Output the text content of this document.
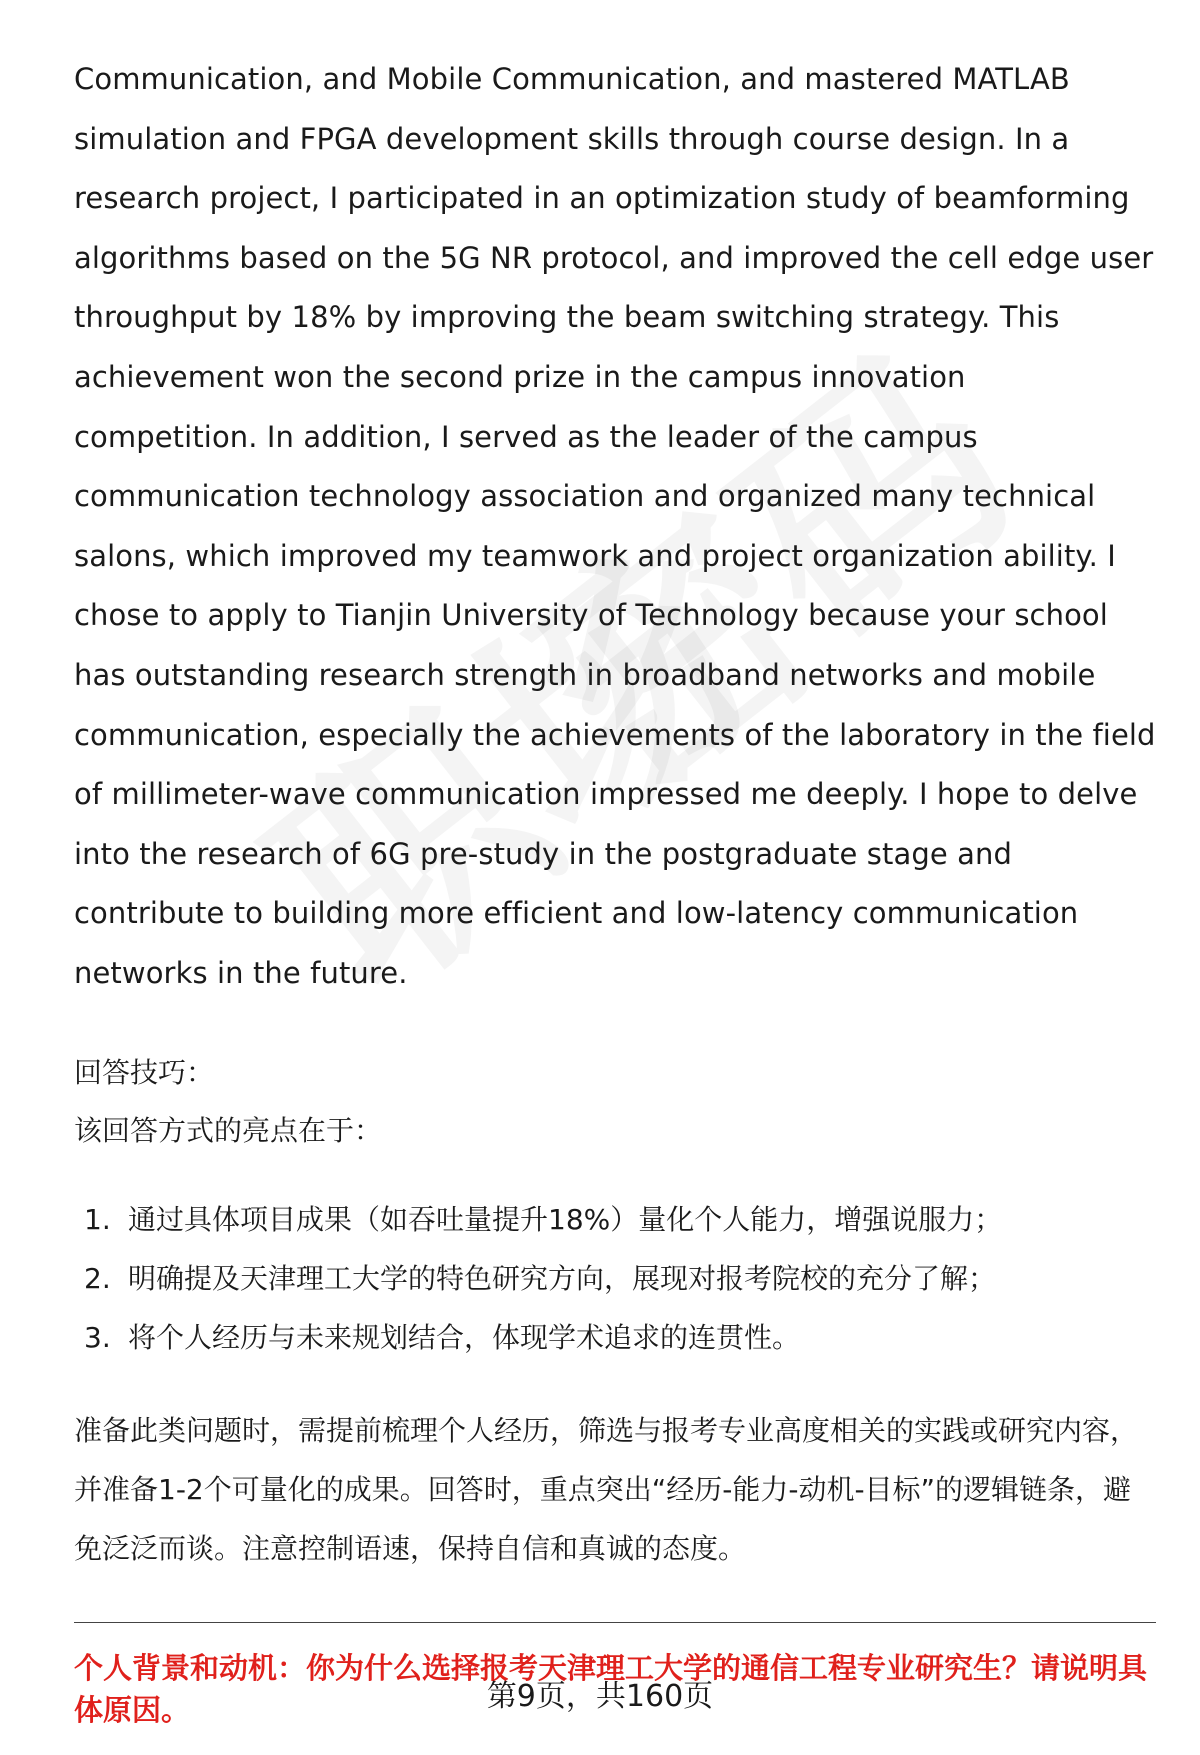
Communication, and Mobile Communication, and mastered MATLAB simulation and FPGA development skills through course design. In a research project, I participated in an optimization study of beamforming algorithms based on the 5G NR protocol, and improved the cell edge user throughput by 18% by improving the beam switching strategy. This achievement won the second prize in the campus innovation competition. In addition, I served as the leader of the campus communication technology association and organized many technical salons, which improved my teamwork and project organization ability. I chose to apply to Tianjin University of Technology because your school has outstanding research strength in broadband networks and mobile communication, especially the achievements of the laboratory in the field of millimeter-wave communication impressed me deeply. I hope to delve into the research of 6G pre-study in the postgraduate stage and contribute to building more efficient and low-latency communication networks in the future.

回答技巧：

该回答方式的亮点在于：

1. 通过具体项目成果（如吞吐量提升18%）量化个人能力，增强说服力；
2. 明确提及天津理工大学的特色研究方向，展现对报考院校的充分了解；
3. 将个人经历与未来规划结合，体现学术追求的连贯性。

准备此类问题时，需提前梳理个人经历，筛选与报考专业高度相关的实践或研究内容，并准备1-2个可量化的成果。回答时，重点突出“经历-能力-动机-目标”的逻辑链条，避免泛泛而谈。注意控制语速，保持自信和真诚的态度。

个人背景和动机：你为什么选择报考天津理工大学的通信工程专业研究生？请说明具体原因。	第9页，共160页
